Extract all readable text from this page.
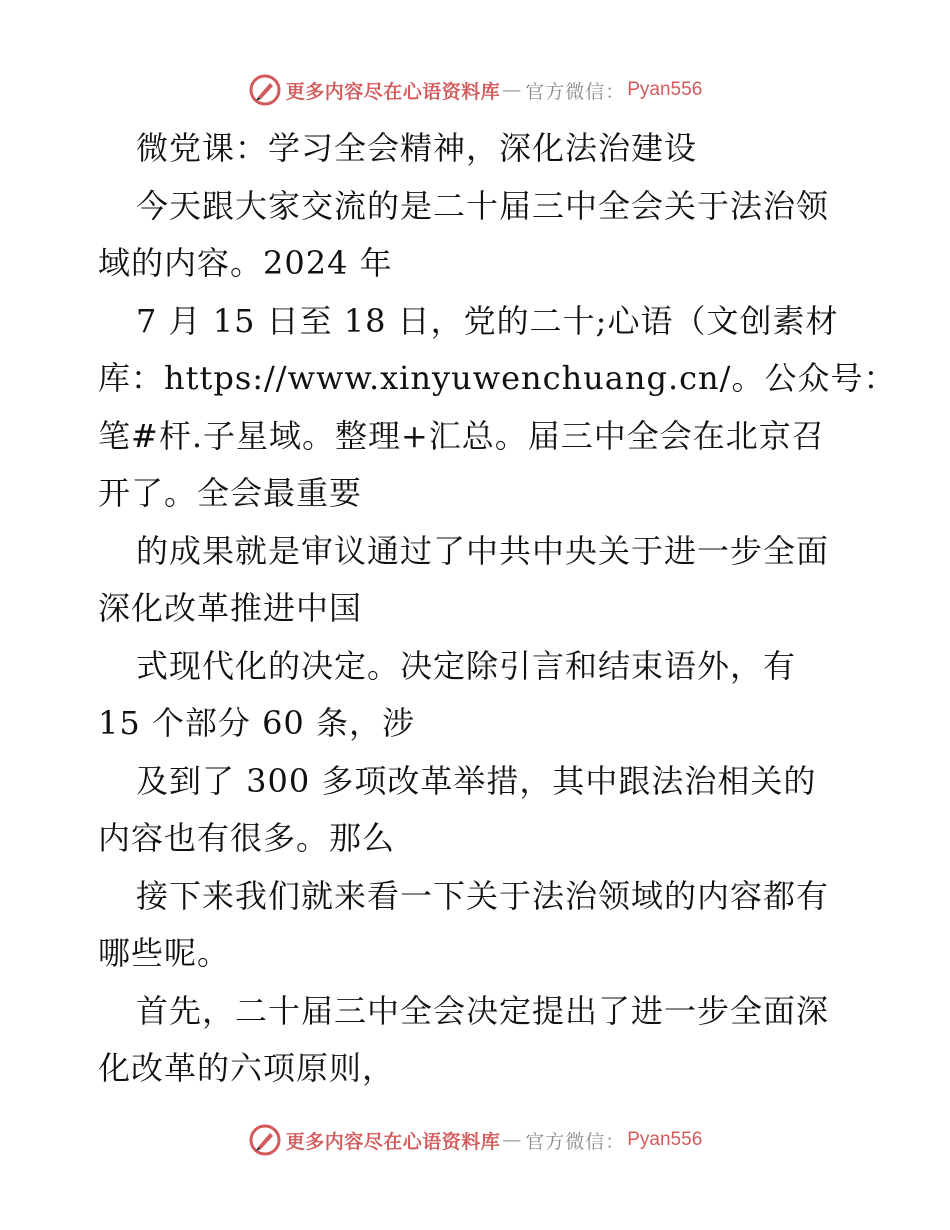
更多内容尽在心语资料库 — 官方微信： Pyan556
微党课：学习全会精神，深化法治建设
今天跟大家交流的是二十届三中全会关于法治领
域的内容。2024 年
7 月 15 日至 18 日，党的二十;心语（文创素材
库：https://www.xinyuwenchuang.cn/。公众号：
笔#杆.子星域。整理+汇总。届三中全会在北京召
开了。全会最重要
的成果就是审议通过了中共中央关于进一步全面
深化改革推进中国
式现代化的决定。决定除引言和结束语外，有
15 个部分 60 条，涉
及到了 300 多项改革举措，其中跟法治相关的
内容也有很多。那么
接下来我们就来看一下关于法治领域的内容都有
哪些呢。
首先，二十届三中全会决定提出了进一步全面深
化改革的六项原则，
更多内容尽在心语资料库 — 官方微信： Pyan556
